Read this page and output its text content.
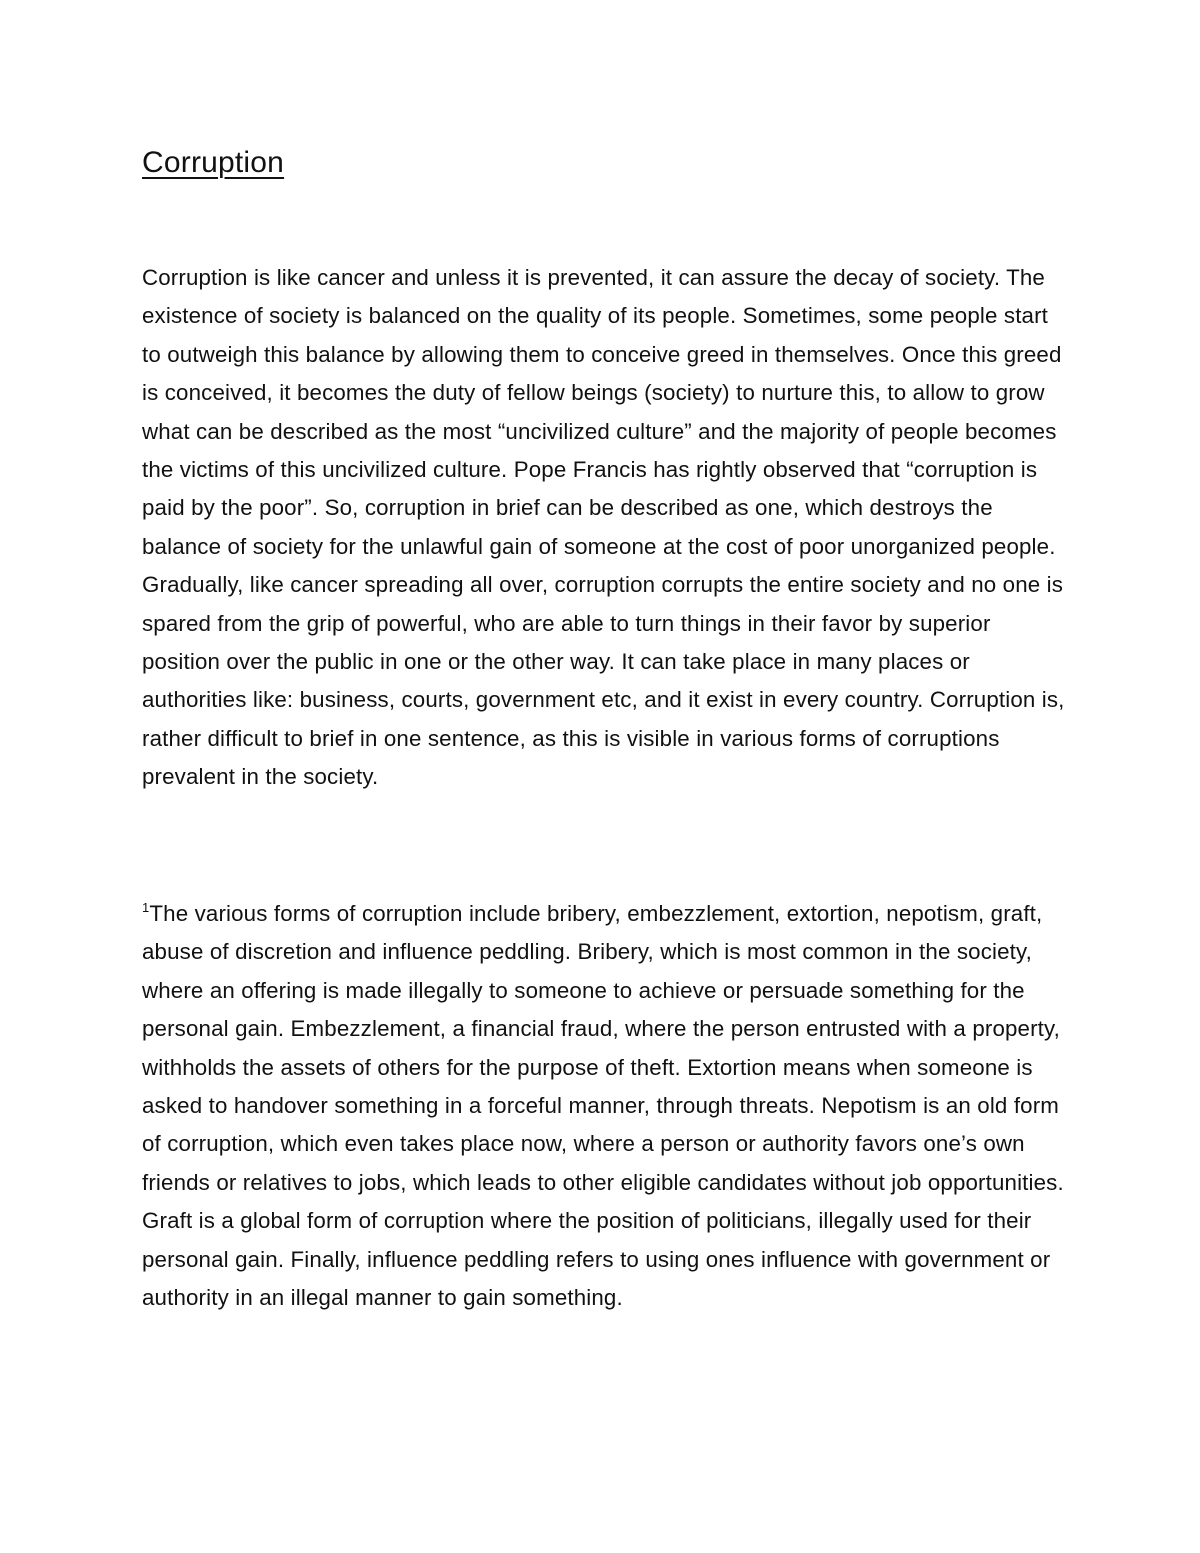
Corruption

Corruption is like cancer and unless it is prevented, it can assure the decay of society. The existence of society is balanced on the quality of its people. Sometimes, some people start to outweigh this balance by allowing them to conceive greed in themselves. Once this greed is conceived, it becomes the duty of fellow beings (society) to nurture this, to allow to grow what can be described as the most “uncivilized culture” and the majority of people becomes the victims of this uncivilized culture. Pope Francis has rightly observed that “corruption is paid by the poor”. So, corruption in brief can be described as one, which destroys the balance of society for the unlawful gain of someone at the cost of poor unorganized people. Gradually, like cancer spreading all over, corruption corrupts the entire society and no one is spared from the grip of powerful, who are able to turn things in their favor by superior position over the public in one or the other way. It can take place in many places or authorities like: business, courts, government etc, and it exist in every country. Corruption is, rather difficult to brief in one sentence, as this is visible in various forms of corruptions prevalent in the society.

$^1$The various forms of corruption include bribery, embezzlement, extortion, nepotism, graft, abuse of discretion and influence peddling. Bribery, which is most common in the society, where an offering is made illegally to someone to achieve or persuade something for the personal gain. Embezzlement, a financial fraud, where the person entrusted with a property, withholds the assets of others for the purpose of theft. Extortion means when someone is asked to handover something in a forceful manner, through threats. Nepotism is an old form of corruption, which even takes place now, where a person or authority favors one’s own friends or relatives to jobs, which leads to other eligible candidates without job opportunities. Graft is a global form of corruption where the position of politicians, illegally used for their personal gain. Finally, influence peddling refers to using ones influence with government or authority in an illegal manner to gain something.
